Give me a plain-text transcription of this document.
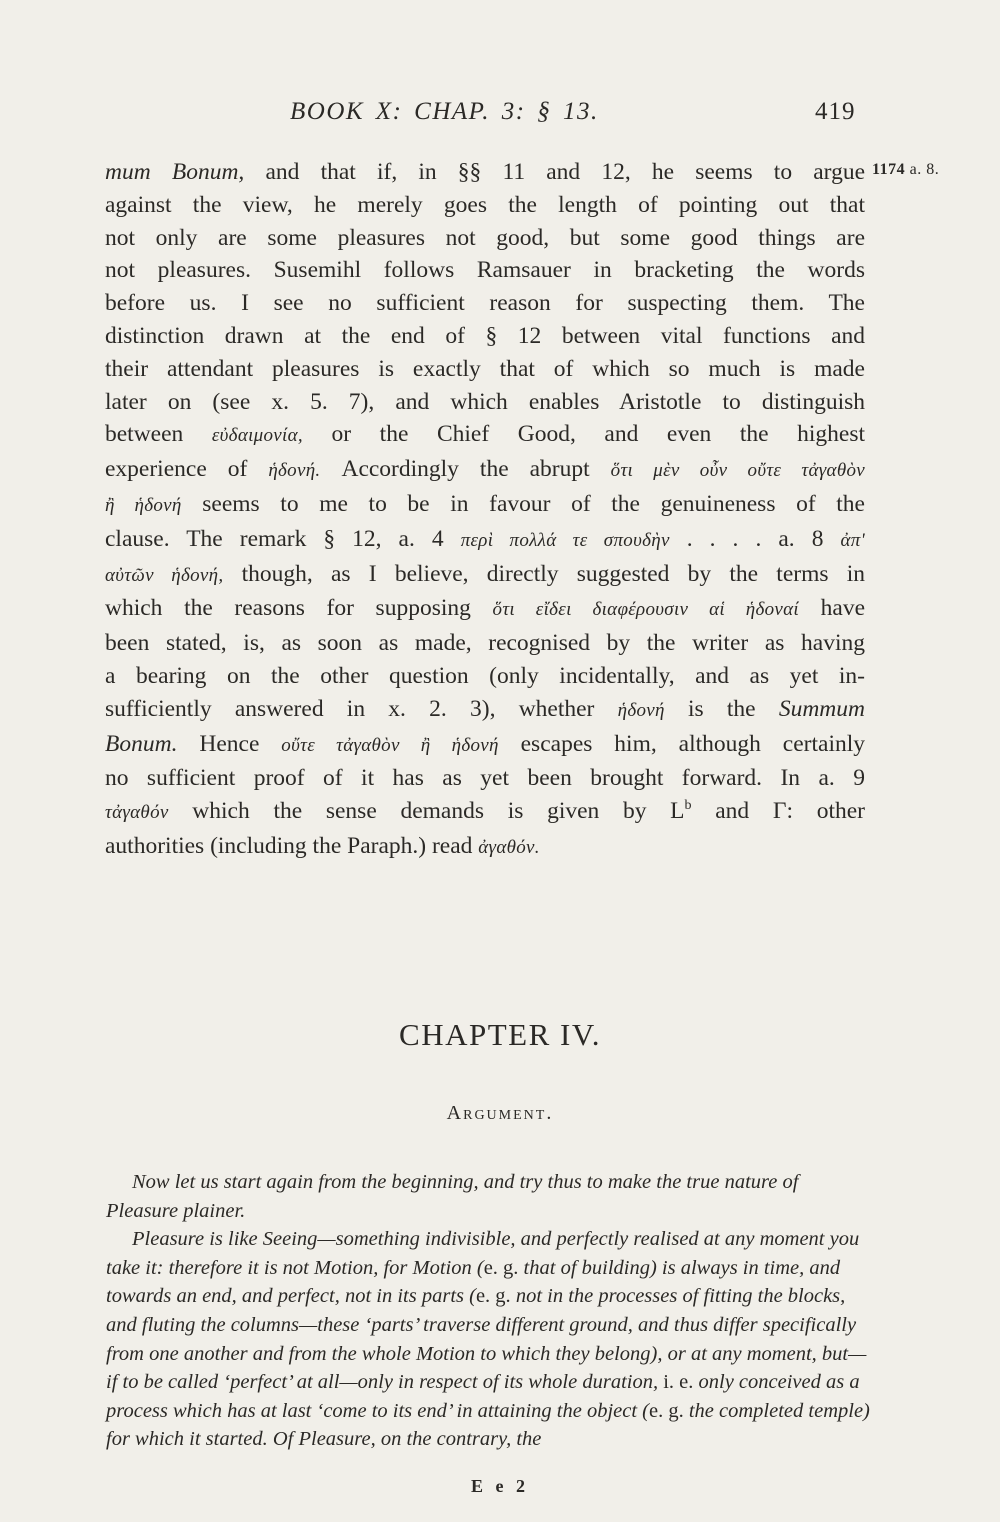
BOOK X: CHAP. 3: § 13.	419
1174 a. 8.
mum Bonum, and that if, in §§ 11 and 12, he seems to argue
against the view, he merely goes the length of pointing out that
not only are some pleasures not good, but some good things are
not pleasures. Susemihl follows Ramsauer in bracketing the words
before us. I see no sufficient reason for suspecting them. The
distinction drawn at the end of § 12 between vital functions and
their attendant pleasures is exactly that of which so much is made
later on (see x. 5. 7), and which enables Aristotle to distinguish
between εὐδαιμονία, or the Chief Good, and even the highest
experience of ἡδονή. Accordingly the abrupt ὅτι μὲν οὖν οὔτε τἀγαθὸν
ἢ ἡδονή seems to me to be in favour of the genuineness of the
clause. The remark § 12, a. 4 περὶ πολλά τε σπουδὴν . . . . a. 8 ἀπ'
αὐτῶν ἡδονή, though, as I believe, directly suggested by the terms in
which the reasons for supposing ὅτι εἴδει διαφέρουσιν αἱ ἡδοναί have
been stated, is, as soon as made, recognised by the writer as having
a bearing on the other question (only incidentally, and as yet in-
sufficiently answered in x. 2. 3), whether ἡδονή is the Summum
Bonum. Hence οὔτε τἀγαθὸν ἢ ἡδονή escapes him, although certainly
no sufficient proof of it has as yet been brought forward. In a. 9
τἀγαθόν which the sense demands is given by $L^b$ and Γ: other
authorities (including the Paraph.) read ἀγαθόν.
CHAPTER IV.
Argument.

Now let us start again from the beginning, and try thus to make the true nature of Pleasure plainer.

Pleasure is like Seeing—something indivisible, and perfectly realised at any moment you take it: therefore it is not Motion, for Motion (e. g. that of building) is always in time, and towards an end, and perfect, not in its parts (e. g. not in the processes of fitting the blocks, and fluting the columns—these ‘parts’ traverse different ground, and thus differ specifically from one another and from the whole Motion to which they belong), or at any moment, but—if to be called ‘perfect’ at all—only in respect of its whole duration, i. e. only conceived as a process which has at last ‘come to its end’ in attaining the object (e. g. the completed temple) for which it started. Of Pleasure, on the contrary, the

E e 2
